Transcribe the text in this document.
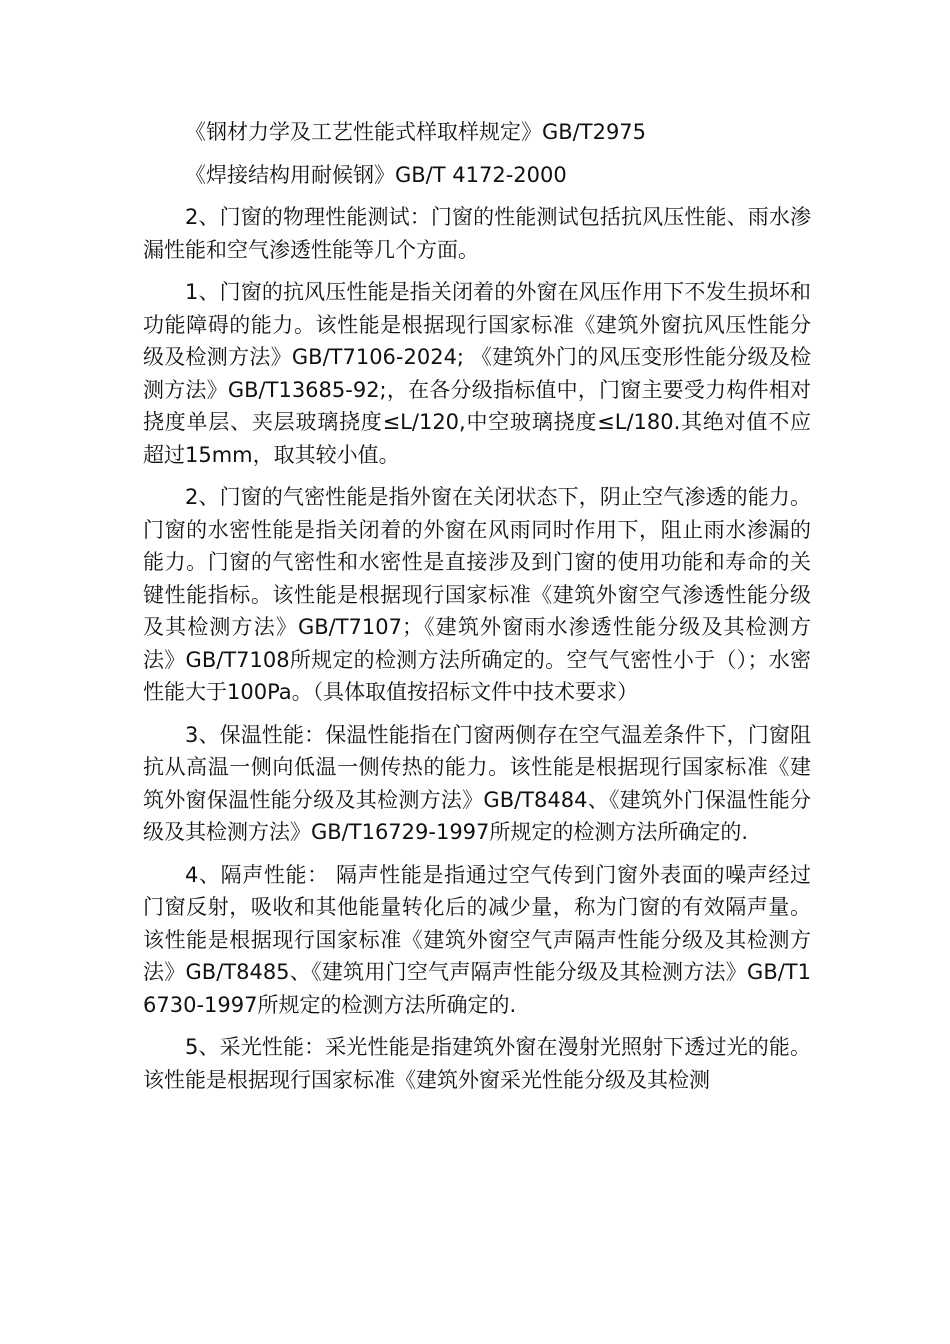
《钢材力学及工艺性能式样取样规定》GB/T2975

《焊接结构用耐候钢》GB/T 4172-2000

2、门窗的物理性能测试：门窗的性能测试包括抗风压性能、雨水渗漏性能和空气渗透性能等几个方面。

1、门窗的抗风压性能是指关闭着的外窗在风压作用下不发生损坏和功能障碍的能力。该性能是根据现行国家标准《建筑外窗抗风压性能分级及检测方法》GB/T7106-2024; 《建筑外门的风压变形性能分级及检测方法》GB/T13685-92;，在各分级指标值中，门窗主要受力构件相对挠度单层、夹层玻璃挠度≤L/120,中空玻璃挠度≤L/180.其绝对值不应超过15mm，取其较小值。

2、门窗的气密性能是指外窗在关闭状态下，阴止空气渗透的能力。门窗的水密性能是指关闭着的外窗在风雨同时作用下，阻止雨水渗漏的能力。门窗的气密性和水密性是直接涉及到门窗的使用功能和寿命的关键性能指标。该性能是根据现行国家标准《建筑外窗空气渗透性能分级及其检测方法》GB/T7107；《建筑外窗雨水渗透性能分级及其检测方法》GB/T7108所规定的检测方法所确定的。空气气密性小于（）；水密性能大于100Pa。（具体取值按招标文件中技术要求）

3、保温性能：保温性能指在门窗两侧存在空气温差条件下，门窗阻抗从高温一侧向低温一侧传热的能力。该性能是根据现行国家标准《建筑外窗保温性能分级及其检测方法》GB/T8484、《建筑外门保温性能分级及其检测方法》GB/T16729-1997所规定的检测方法所确定的.

4、隔声性能： 隔声性能是指通过空气传到门窗外表面的噪声经过门窗反射，吸收和其他能量转化后的减少量，称为门窗的有效隔声量。该性能是根据现行国家标准《建筑外窗空气声隔声性能分级及其检测方法》GB/T8485、《建筑用门空气声隔声性能分级及其检测方法》GB/T16730-1997所规定的检测方法所确定的.

5、采光性能：采光性能是指建筑外窗在漫射光照射下透过光的能。该性能是根据现行国家标准《建筑外窗采光性能分级及其检测
